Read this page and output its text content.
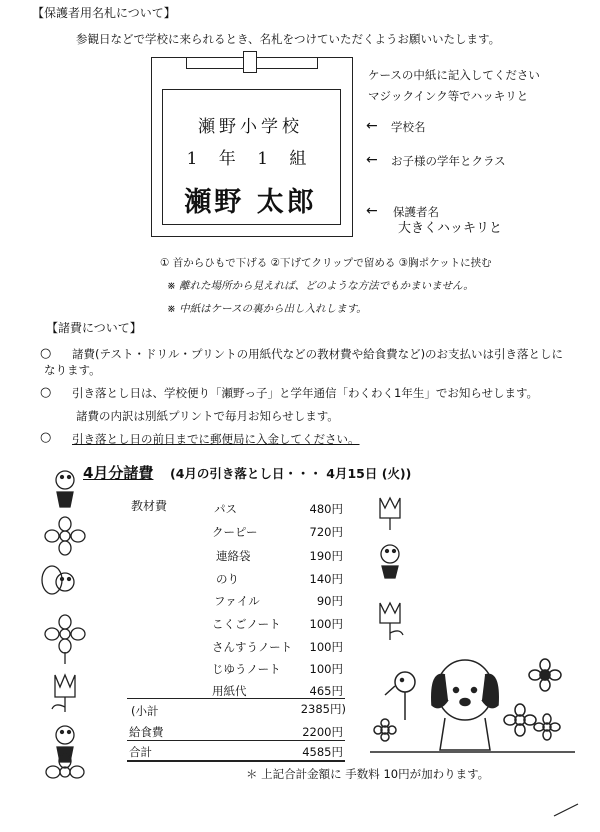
【保護者用名札について】
参観日などで学校に来られるとき、名札をつけていただくようお願いいたします。
瀬野小学校
1 年 1 組
瀬野 太郎
ケースの中紙に記入してください
マジックインク等でハッキリと
← 学校名
← お子様の学年とクラス
← 保護者名
大きくハッキリと
① 首からひもで下げる ②下げてクリップで留める ③胸ポケットに挟む
※ 離れた場所から見えれば、どのような方法でもかまいません。
※ 中紙はケースの裏から出し入れします。
【諸費について】
○ 諸費(テスト・ドリル・プリントの用紙代などの教材費や給食費など)のお支払いは引き落としに
なります。
○ 引き落とし日は、学校便り「瀬野っ子」と学年通信「わくわく1年生」でお知らせします。
諸費の内訳は別紙プリントで毎月お知らせします。
○ 引き落とし日の前日までに郵便局に入金してください。
4月分諸費 (4月の引き落とし日・・・ 4月15日 (火))
教材費	パス	480円
クーピー	720円
連絡袋	190円
のり	140円
ファイル	90円
こくごノート	100円
さんすうノート	100円
じゆうノート	100円
用紙代	465円
(小計	2385円)
給食費	2200円
合計	4585円
＊ 上記合計金額に 手数料 10円が加わります。
